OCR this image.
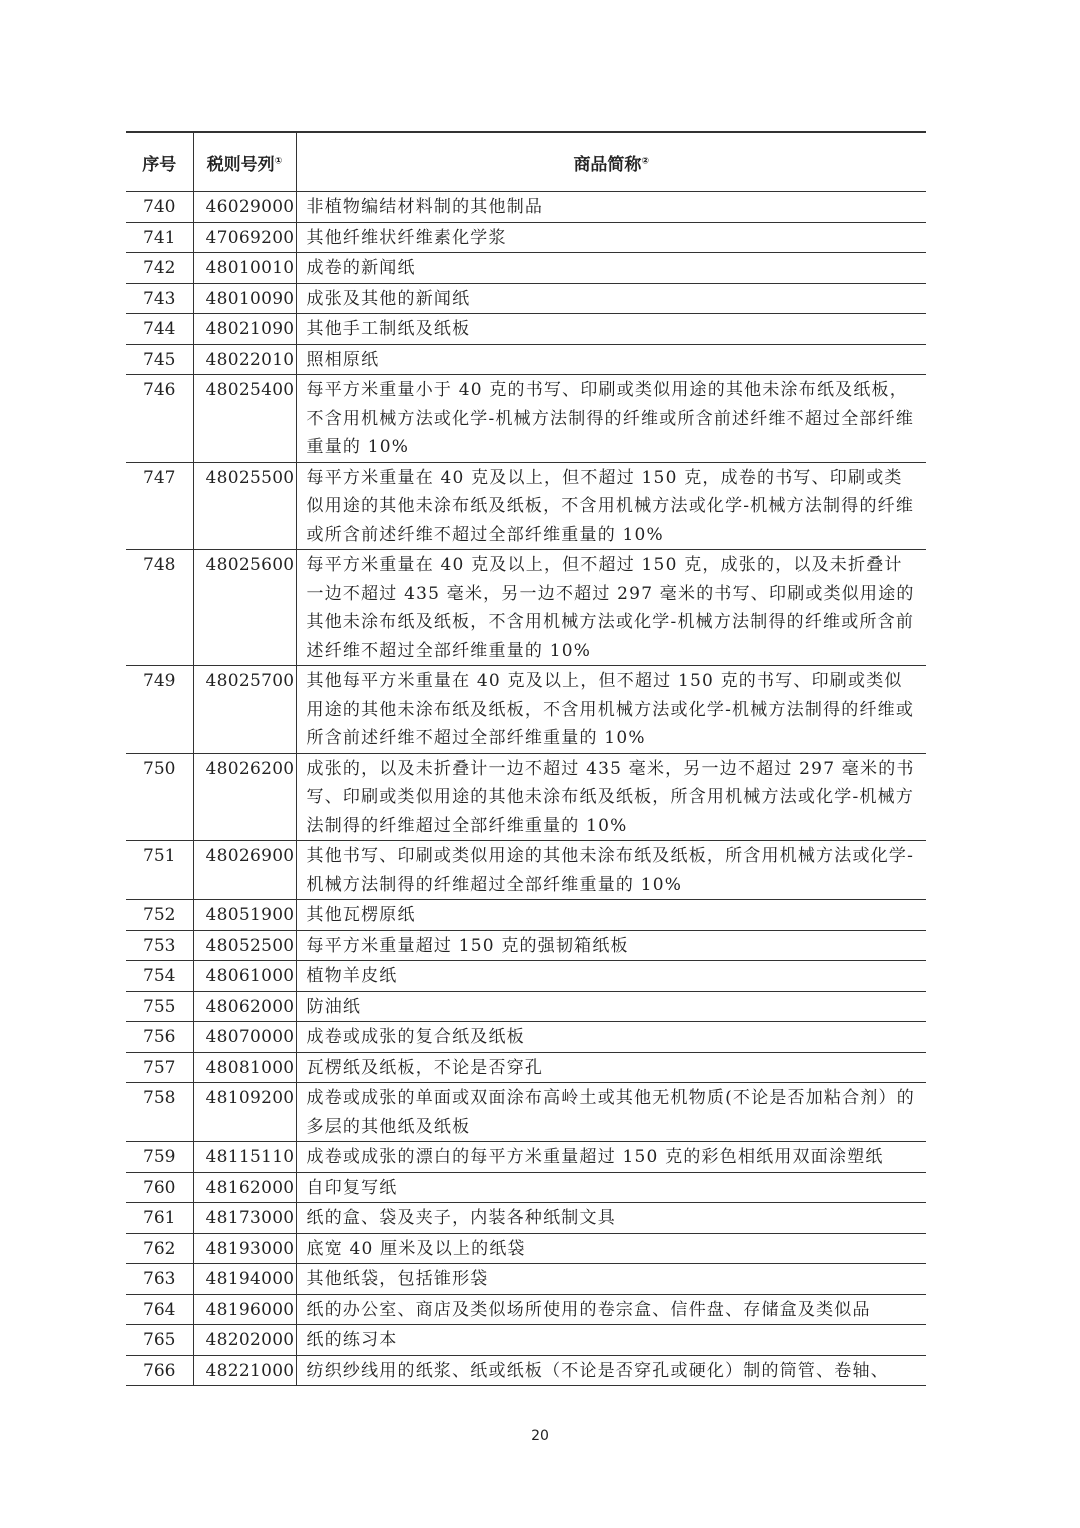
序号	税则号列①	商品简称②
740	46029000	非植物编结材料制的其他制品
741	47069200	其他纤维状纤维素化学浆
742	48010010	成卷的新闻纸
743	48010090	成张及其他的新闻纸
744	48021090	其他手工制纸及纸板
745	48022010	照相原纸
746	48025400	每平方米重量小于 40 克的书写、印刷或类似用途的其他未涂布纸及纸板，不含用机械方法或化学-机械方法制得的纤维或所含前述纤维不超过全部纤维重量的 10%
747	48025500	每平方米重量在 40 克及以上，但不超过 150 克，成卷的书写、印刷或类似用途的其他未涂布纸及纸板，不含用机械方法或化学-机械方法制得的纤维或所含前述纤维不超过全部纤维重量的 10%
748	48025600	每平方米重量在 40 克及以上，但不超过 150 克，成张的，以及未折叠计一边不超过 435 毫米，另一边不超过 297 毫米的书写、印刷或类似用途的其他未涂布纸及纸板，不含用机械方法或化学-机械方法制得的纤维或所含前述纤维不超过全部纤维重量的 10%
749	48025700	其他每平方米重量在 40 克及以上，但不超过 150 克的书写、印刷或类似用途的其他未涂布纸及纸板，不含用机械方法或化学-机械方法制得的纤维或所含前述纤维不超过全部纤维重量的 10%
750	48026200	成张的，以及未折叠计一边不超过 435 毫米，另一边不超过 297 毫米的书写、印刷或类似用途的其他未涂布纸及纸板，所含用机械方法或化学-机械方法制得的纤维超过全部纤维重量的 10%
751	48026900	其他书写、印刷或类似用途的其他未涂布纸及纸板，所含用机械方法或化学-机械方法制得的纤维超过全部纤维重量的 10%
752	48051900	其他瓦楞原纸
753	48052500	每平方米重量超过 150 克的强韧箱纸板
754	48061000	植物羊皮纸
755	48062000	防油纸
756	48070000	成卷或成张的复合纸及纸板
757	48081000	瓦楞纸及纸板，不论是否穿孔
758	48109200	成卷或成张的单面或双面涂布高岭土或其他无机物质(不论是否加粘合剂）的多层的其他纸及纸板
759	48115110	成卷或成张的漂白的每平方米重量超过 150 克的彩色相纸用双面涂塑纸
760	48162000	自印复写纸
761	48173000	纸的盒、袋及夹子，内装各种纸制文具
762	48193000	底宽 40 厘米及以上的纸袋
763	48194000	其他纸袋，包括锥形袋
764	48196000	纸的办公室、商店及类似场所使用的卷宗盒、信件盘、存储盒及类似品
765	48202000	纸的练习本
766	48221000	纺织纱线用的纸浆、纸或纸板（不论是否穿孔或硬化）制的筒管、卷轴、
20
